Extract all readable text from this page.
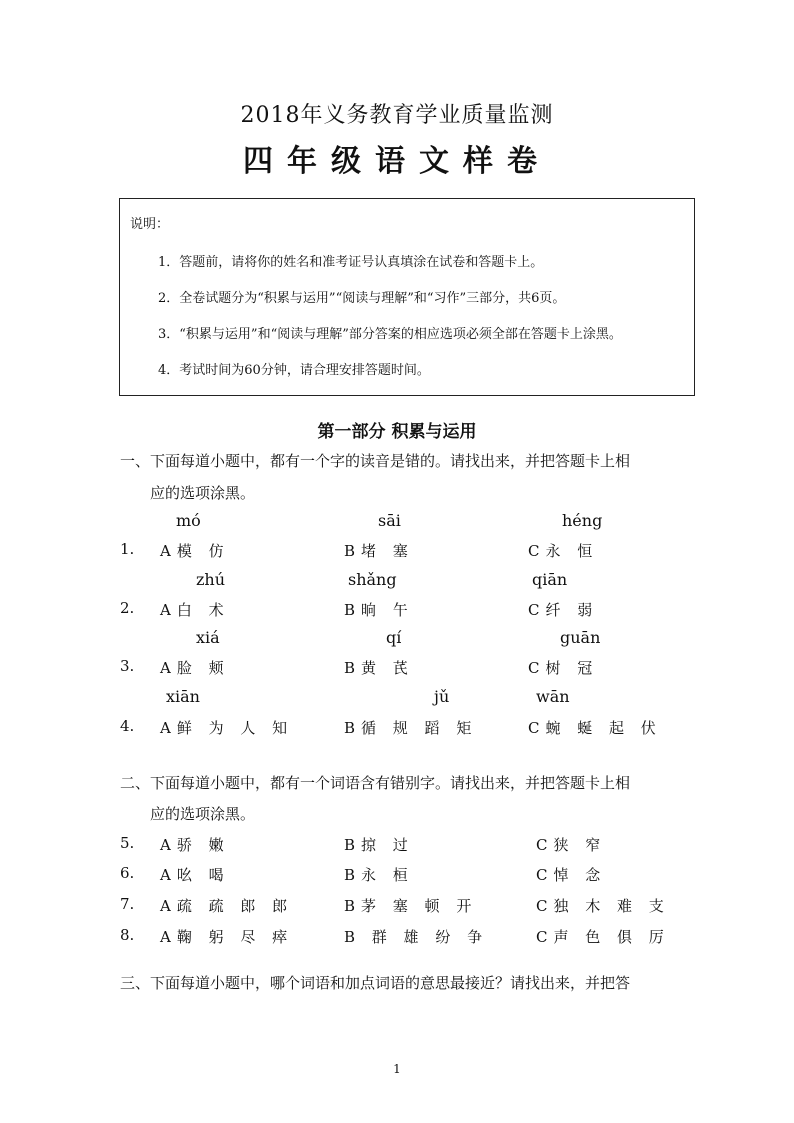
2018年义务教育学业质量监测
四年级语文样卷
说明：
1．答题前，请将你的姓名和准考证号认真填涂在试卷和答题卡上。
2．全卷试题分为“积累与运用”“阅读与理解”和“习作”三部分，共6页。
3．“积累与运用”和“阅读与理解”部分答案的相应选项必须全部在答题卡上涂黑。
4．考试时间为60分钟，请合理安排答题时间。
第一部分 积累与运用
一、下面每道小题中，都有一个字的读音是错的。请找出来，并把答题卡上相
应的选项涂黑。
mó	sāi	héng
1. A模 仿	B堵 塞	C永 恒
zhú	shǎng	qiān
2. A白 术	B晌 午	C纤 弱
xiá	qí	guān
3. A脸 颊	B黄 芪	C树 冠
xiān	jǔ	wān
4. A鲜 为 人 知	B循 规 蹈 矩	C蜿 蜒 起 伏
二、下面每道小题中，都有一个词语含有错别字。请找出来，并把答题卡上相
应的选项涂黑。
5. A骄 嫩	B掠 过	C狭 窄
6. A吆 喝	B永 桓	C悼 念
7. A疏 疏 郎 郎	B茅 塞 顿 开	C独 木 难 支
8. A鞠 躬 尽 瘁	B 群 雄 纷 争	C声 色 俱 厉
三、下面每道小题中，哪个词语和加点词语的意思最接近？请找出来，并把答
1
